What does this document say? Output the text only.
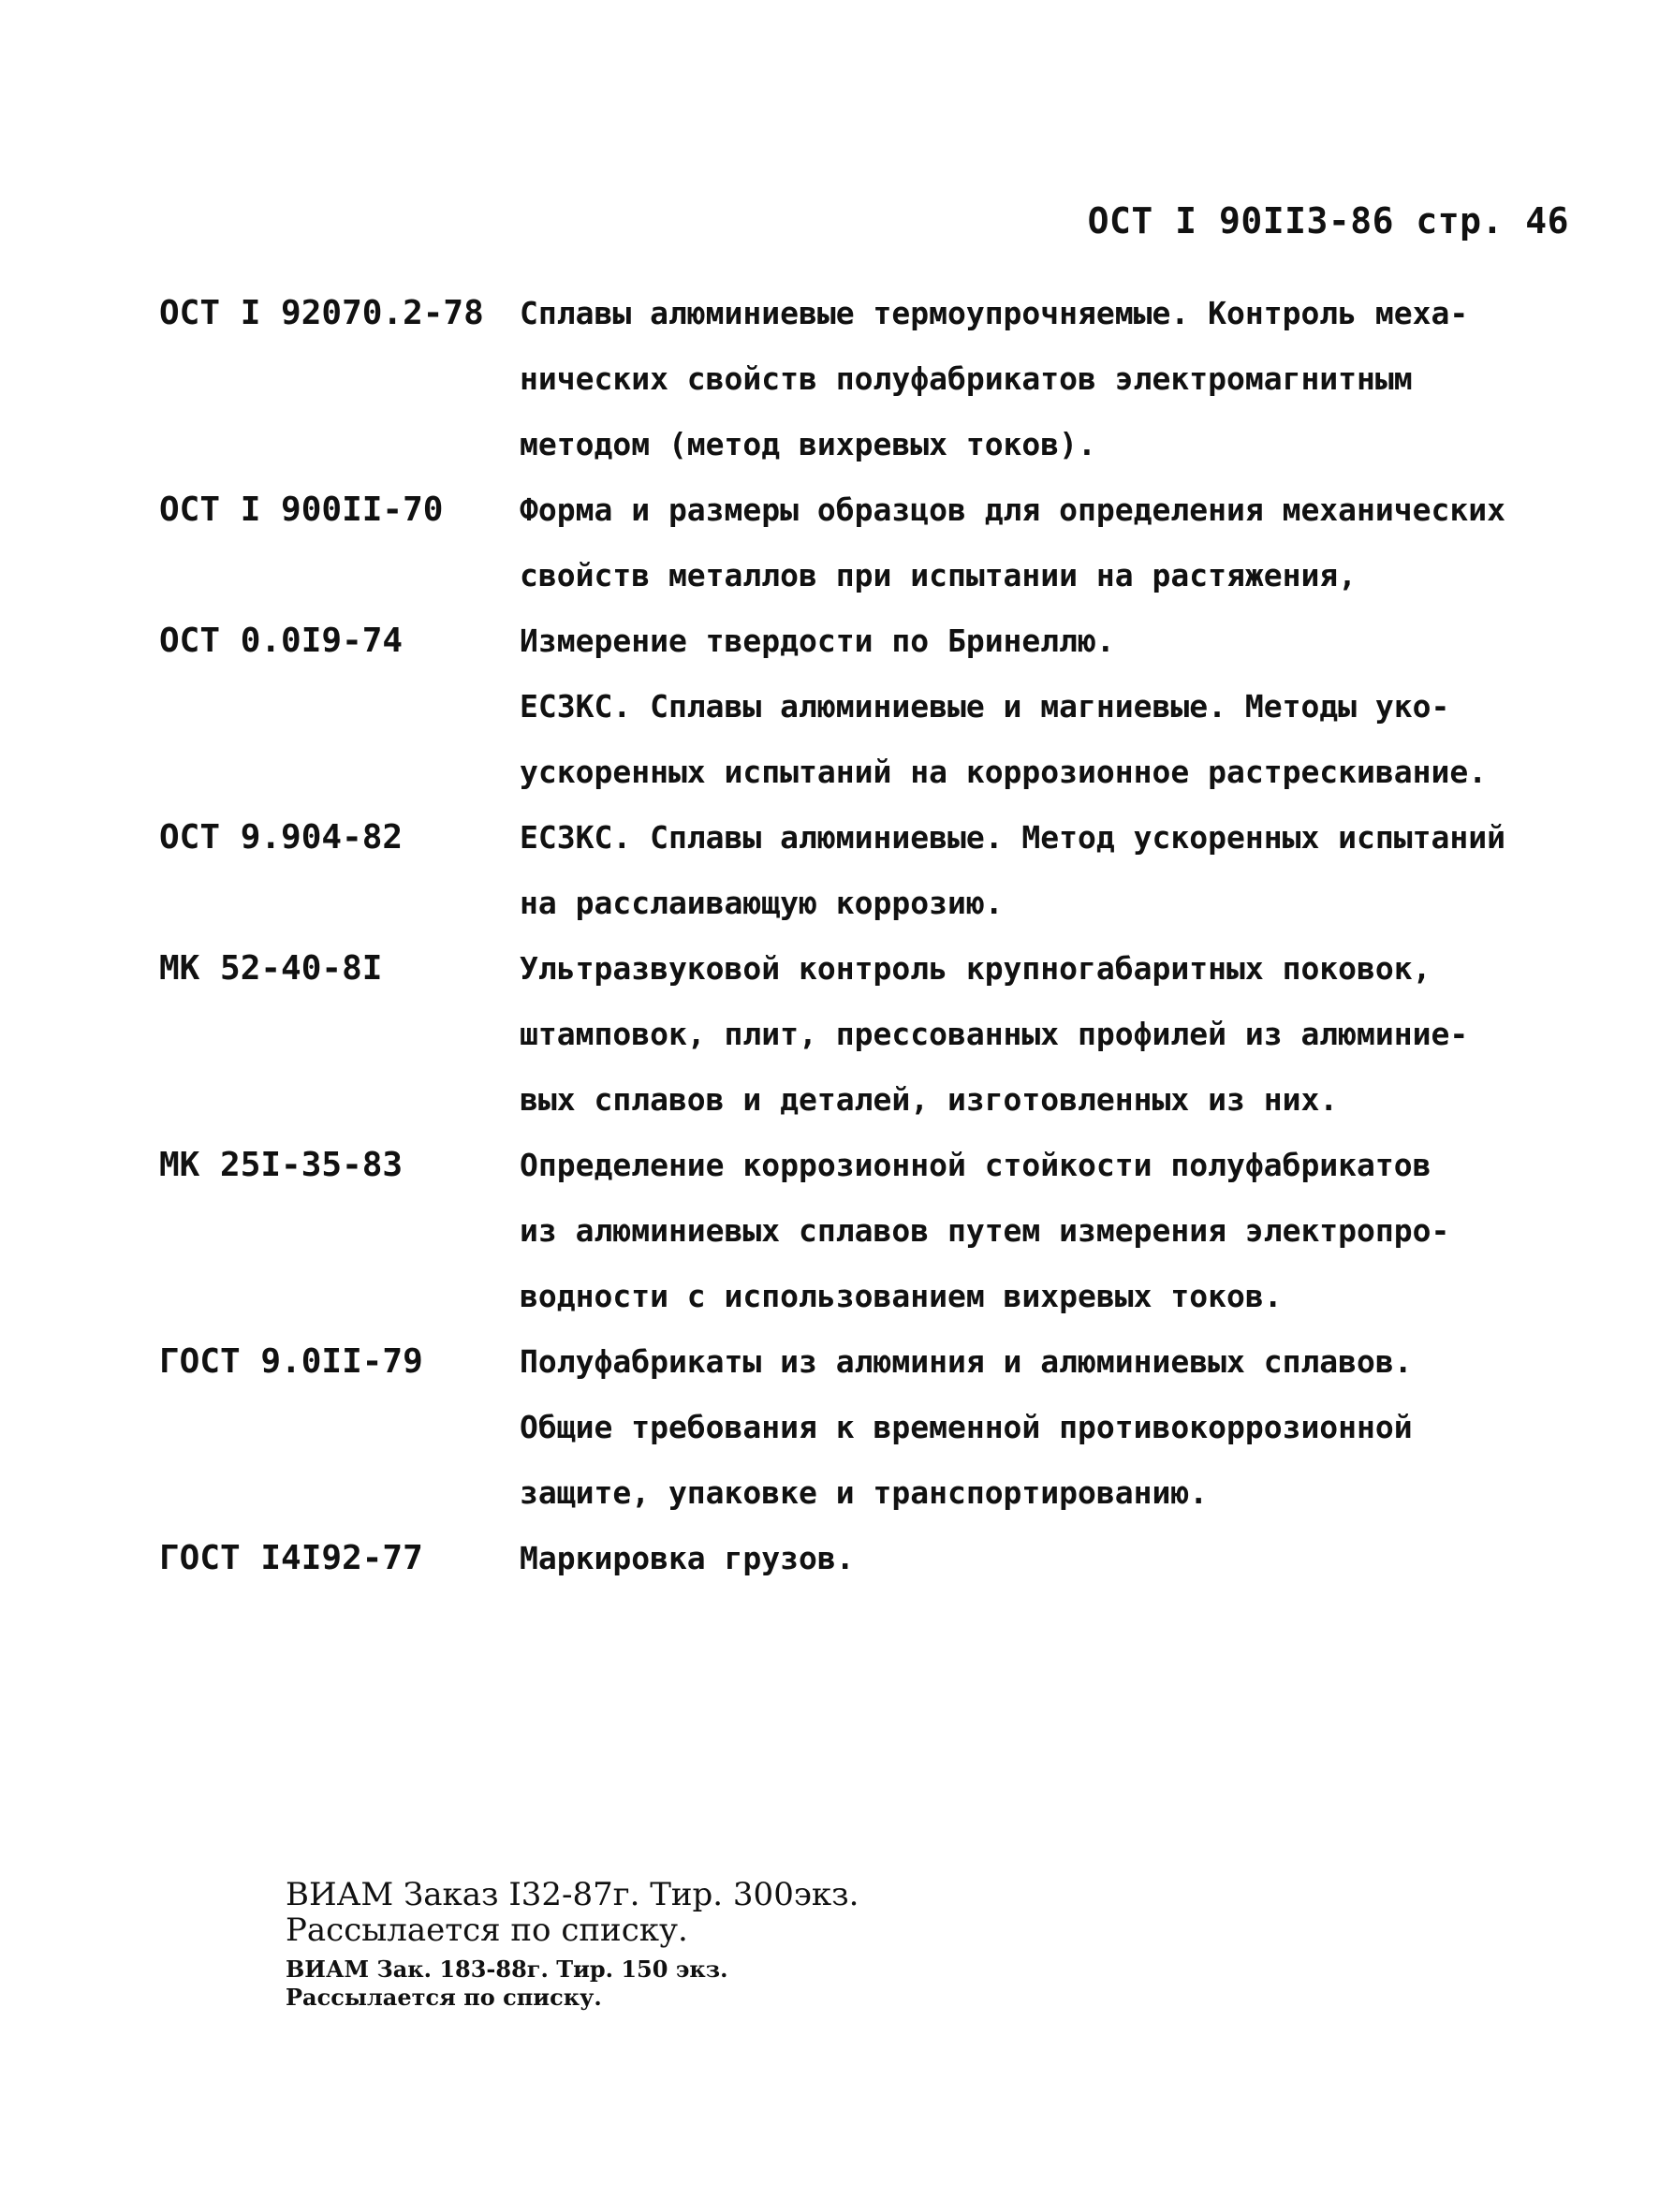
ОСТ I 90ІІЗ-86 стр. 46
ОСТ I 92070.2-78	Сплавы алюминиевые термоупрочняемые. Контроль меха-
нических свойств полуфабрикатов электромагнитным
методом (метод вихревых токов).
ОСТ I 900ІІ-70	Форма и размеры образцов для определения механических
свойств металлов при испытании на растяжения,
ОСТ 0.0І9-74	Измерение твердости по Бринеллю.
ЕСЗКС. Сплавы алюминиевые и магниевые. Методы уко-
ускоренных испытаний на коррозионное растрескивание.
ОСТ 9.904-82	ЕСЗКС. Сплавы алюминиевые. Метод ускоренных испытаний
на расслаивающую коррозию.
МК 52-40-8І	Ультразвуковой контроль крупногабаритных поковок,
штамповок, плит, прессованных профилей из алюминие-
вых сплавов и деталей, изготовленных из них.
МК 25І-35-83	Определение коррозионной стойкости полуфабрикатов
из алюминиевых сплавов путем измерения электропро-
водности с использованием вихревых токов.
ГОСТ 9.0ІІ-79	Полуфабрикаты из алюминия и алюминиевых сплавов.
Общие требования к временной противокоррозионной
защите, упаковке и транспортированию.
ГОСТ І4І92-77	Маркировка грузов.
ВИАМ Заказ І32-87г. Тир. 300экз.
Рассылается по списку.
ВИАМ Зак. 183-88г. Тир. 150 экз.
Рассылается по списку.
